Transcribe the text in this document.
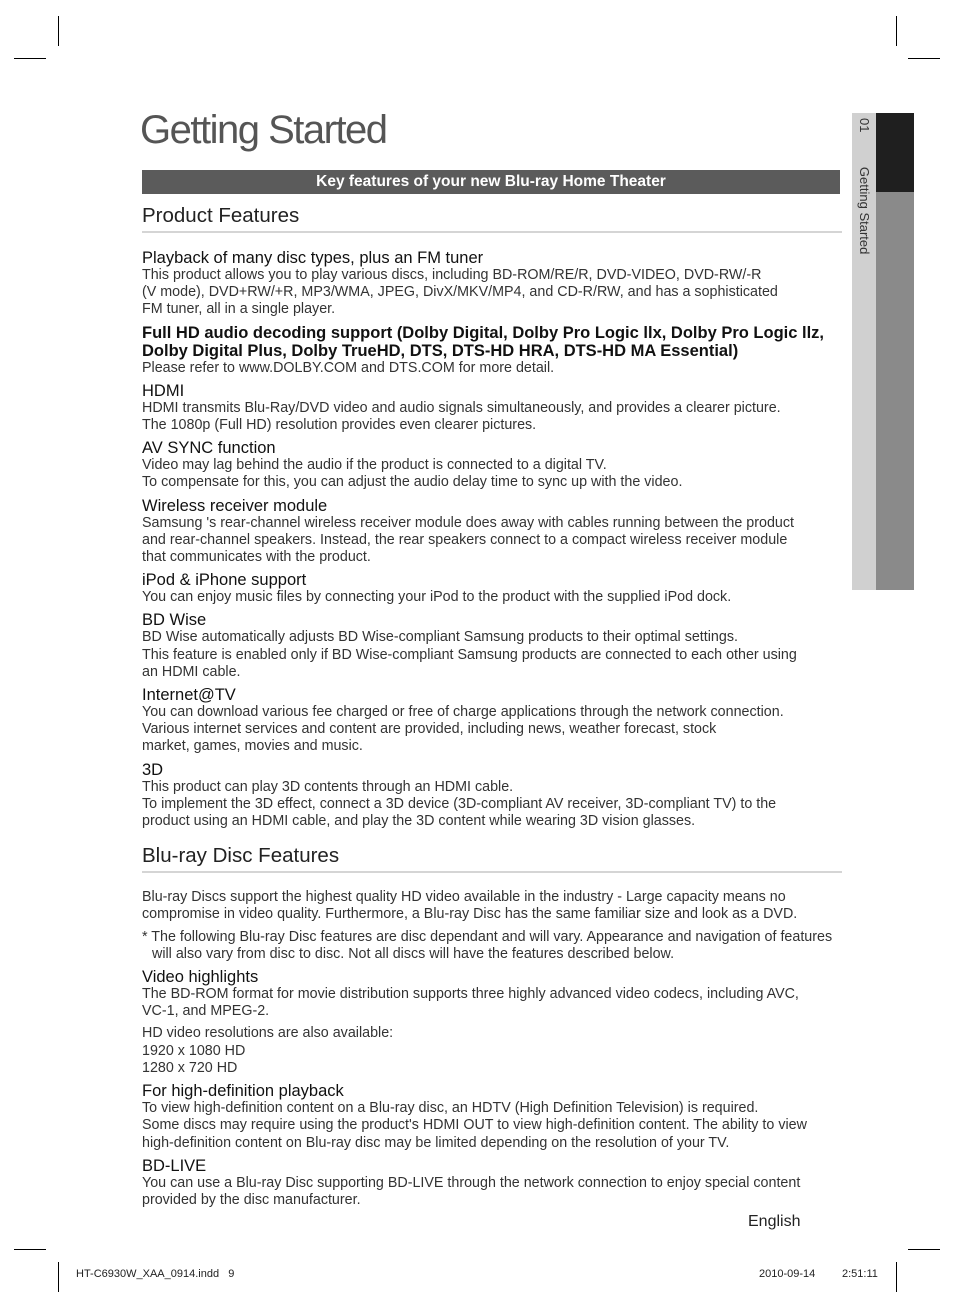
Getting Started
Key features of your new Blu-ray Home Theater
01    Getting Started
Product Features
Playback of many disc types, plus an FM tuner

This product allows you to play various discs, including BD-ROM/RE/R, DVD-VIDEO, DVD-RW/-R
(V mode), DVD+RW/+R, MP3/WMA, JPEG, DivX/MKV/MP4, and CD-R/RW, and has a sophisticated
FM tuner, all in a single player.

Full HD audio decoding support (Dolby Digital, Dolby Pro Logic llx, Dolby Pro Logic llz, Dolby Digital Plus, Dolby TrueHD, DTS, DTS-HD HRA, DTS-HD MA Essential)

Please refer to www.DOLBY.COM and DTS.COM for more detail.

HDMI

HDMI transmits Blu-Ray/DVD video and audio signals simultaneously, and provides a clearer picture.
The 1080p (Full HD) resolution provides even clearer pictures.

AV SYNC function

Video may lag behind the audio if the product is connected to a digital TV.
To compensate for this, you can adjust the audio delay time to sync up with the video.

Wireless receiver module

Samsung 's rear-channel wireless receiver module does away with cables running between the product
and rear-channel speakers. Instead, the rear speakers connect to a compact wireless receiver module
that communicates with the product.

iPod & iPhone support

You can enjoy music files by connecting your iPod to the product with the supplied iPod dock.

BD Wise

BD Wise automatically adjusts BD Wise-compliant Samsung products to their optimal settings.
This feature is enabled only if BD Wise-compliant Samsung products are connected to each other using
an HDMI cable.

Internet@TV

You can download various fee charged or free of charge applications through the network connection.
Various internet services and content are provided, including news, weather forecast, stock
market, games, movies and music.

3D

This product can play 3D contents through an HDMI cable.
To implement the 3D effect, connect a 3D device (3D-compliant AV receiver, 3D-compliant TV) to the
product using an HDMI cable, and play the 3D content while wearing 3D vision glasses.

Blu-ray Disc Features

Blu-ray Discs support the highest quality HD video available in the industry - Large capacity means no compromise in video quality. Furthermore, a Blu-ray Disc has the same familiar size and look as a DVD.

* The following Blu-ray Disc features are disc dependant and will vary. Appearance and navigation of features will also vary from disc to disc. Not all discs will have the features described below.

Video highlights

The BD-ROM format for movie distribution supports three highly advanced video codecs, including AVC,
VC-1, and MPEG-2.

HD video resolutions are also available:
1920 x 1080 HD
1280 x 720 HD
For high-definition playback

To view high-definition content on a Blu-ray disc, an HDTV (High Definition Television) is required.
Some discs may require using the product's HDMI OUT to view high-definition content. The ability to view
high-definition content on Blu-ray disc may be limited depending on the resolution of your TV.

BD-LIVE

You can use a Blu-ray Disc supporting BD-LIVE through the network connection to enjoy special content
provided by the disc manufacturer.

English
HT-C6930W_XAA_0914.indd   9	2010-09-14 2:51:11
